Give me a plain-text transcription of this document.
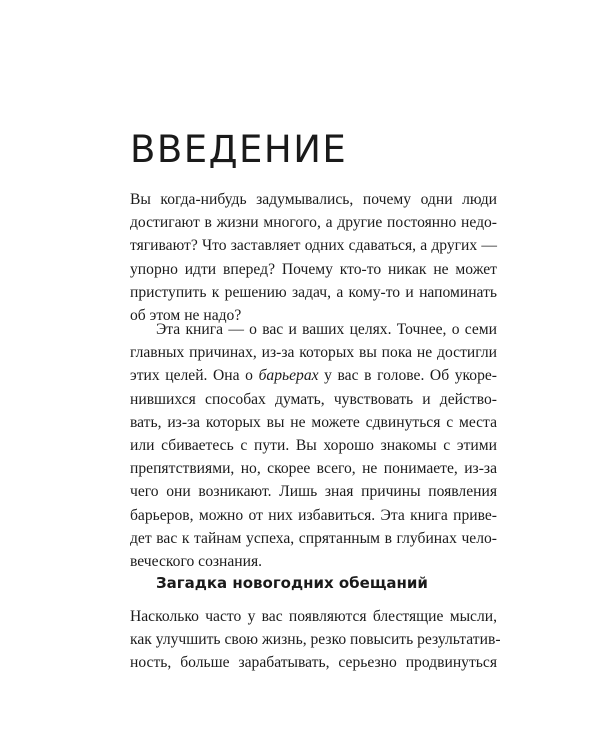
ВВЕДЕНИЕ
Вы когда-нибудь задумывались, почему одни люди
достигают в жизни многого, а другие постоянно недо-
тягивают? Что заставляет одних сдаваться, а других —
упорно идти вперед? Почему кто-то никак не может
приступить к решению задач, а кому-то и напоминать
об этом не надо?
Эта книга — о вас и ваших целях. Точнее, о семи
главных причинах, из-за которых вы пока не достигли
этих целей. Она о барьерах у вас в голове. Об укоре-
нившихся способах думать, чувствовать и действо-
вать, из-за которых вы не можете сдвинуться с места
или сбиваетесь с пути. Вы хорошо знакомы с этими
препятствиями, но, скорее всего, не понимаете, из-за
чего они возникают. Лишь зная причины появления
барьеров, можно от них избавиться. Эта книга приве-
дет вас к тайнам успеха, спрятанным в глубинах чело-
веческого сознания.
Загадка новогодних обещаний
Насколько часто у вас появляются блестящие мысли,
как улучшить свою жизнь, резко повысить результатив-
ность, больше зарабатывать, серьезно продвинуться
